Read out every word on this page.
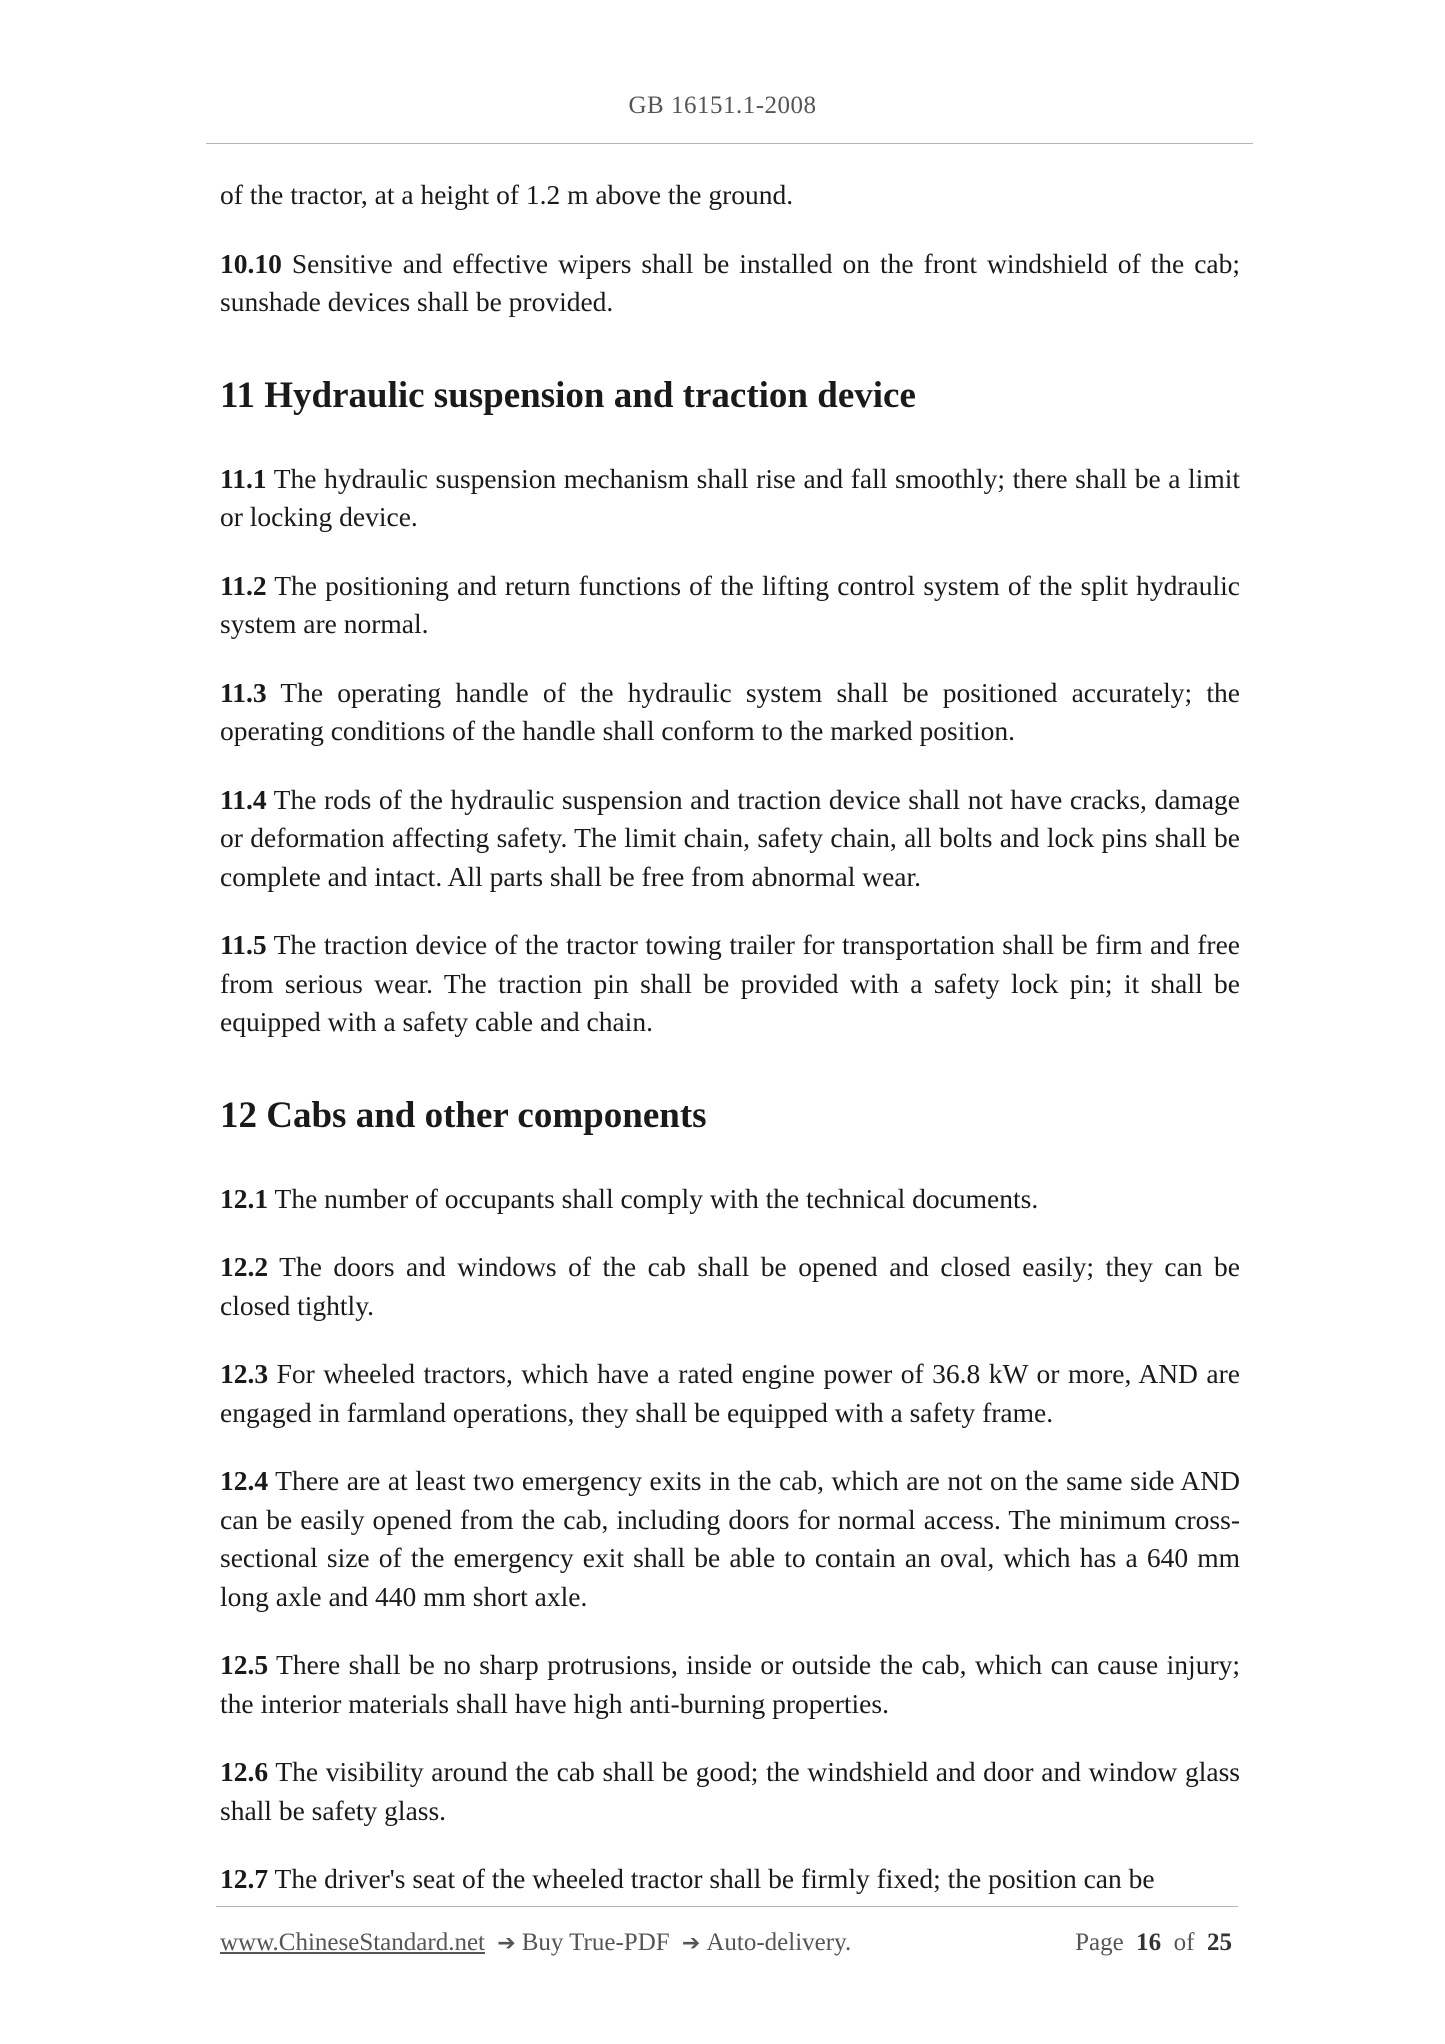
GB 16151.1-2008

of the tractor, at a height of 1.2 m above the ground.

10.10 Sensitive and effective wipers shall be installed on the front windshield of the cab; sunshade devices shall be provided.

11 Hydraulic suspension and traction device

11.1 The hydraulic suspension mechanism shall rise and fall smoothly; there shall be a limit or locking device.

11.2 The positioning and return functions of the lifting control system of the split hydraulic system are normal.

11.3 The operating handle of the hydraulic system shall be positioned accurately; the operating conditions of the handle shall conform to the marked position.

11.4 The rods of the hydraulic suspension and traction device shall not have cracks, damage or deformation affecting safety. The limit chain, safety chain, all bolts and lock pins shall be complete and intact. All parts shall be free from abnormal wear.

11.5 The traction device of the tractor towing trailer for transportation shall be firm and free from serious wear. The traction pin shall be provided with a safety lock pin; it shall be equipped with a safety cable and chain.

12 Cabs and other components

12.1 The number of occupants shall comply with the technical documents.

12.2 The doors and windows of the cab shall be opened and closed easily; they can be closed tightly.

12.3 For wheeled tractors, which have a rated engine power of 36.8 kW or more, AND are engaged in farmland operations, they shall be equipped with a safety frame.

12.4 There are at least two emergency exits in the cab, which are not on the same side AND can be easily opened from the cab, including doors for normal access. The minimum cross-sectional size of the emergency exit shall be able to contain an oval, which has a 640 mm long axle and 440 mm short axle.

12.5 There shall be no sharp protrusions, inside or outside the cab, which can cause injury; the interior materials shall have high anti-burning properties.

12.6 The visibility around the cab shall be good; the windshield and door and window glass shall be safety glass.

12.7 The driver's seat of the wheeled tractor shall be firmly fixed; the position can be

www.ChineseStandard.net ➔ Buy True-PDF ➔ Auto-delivery.	Page 16 of 25
